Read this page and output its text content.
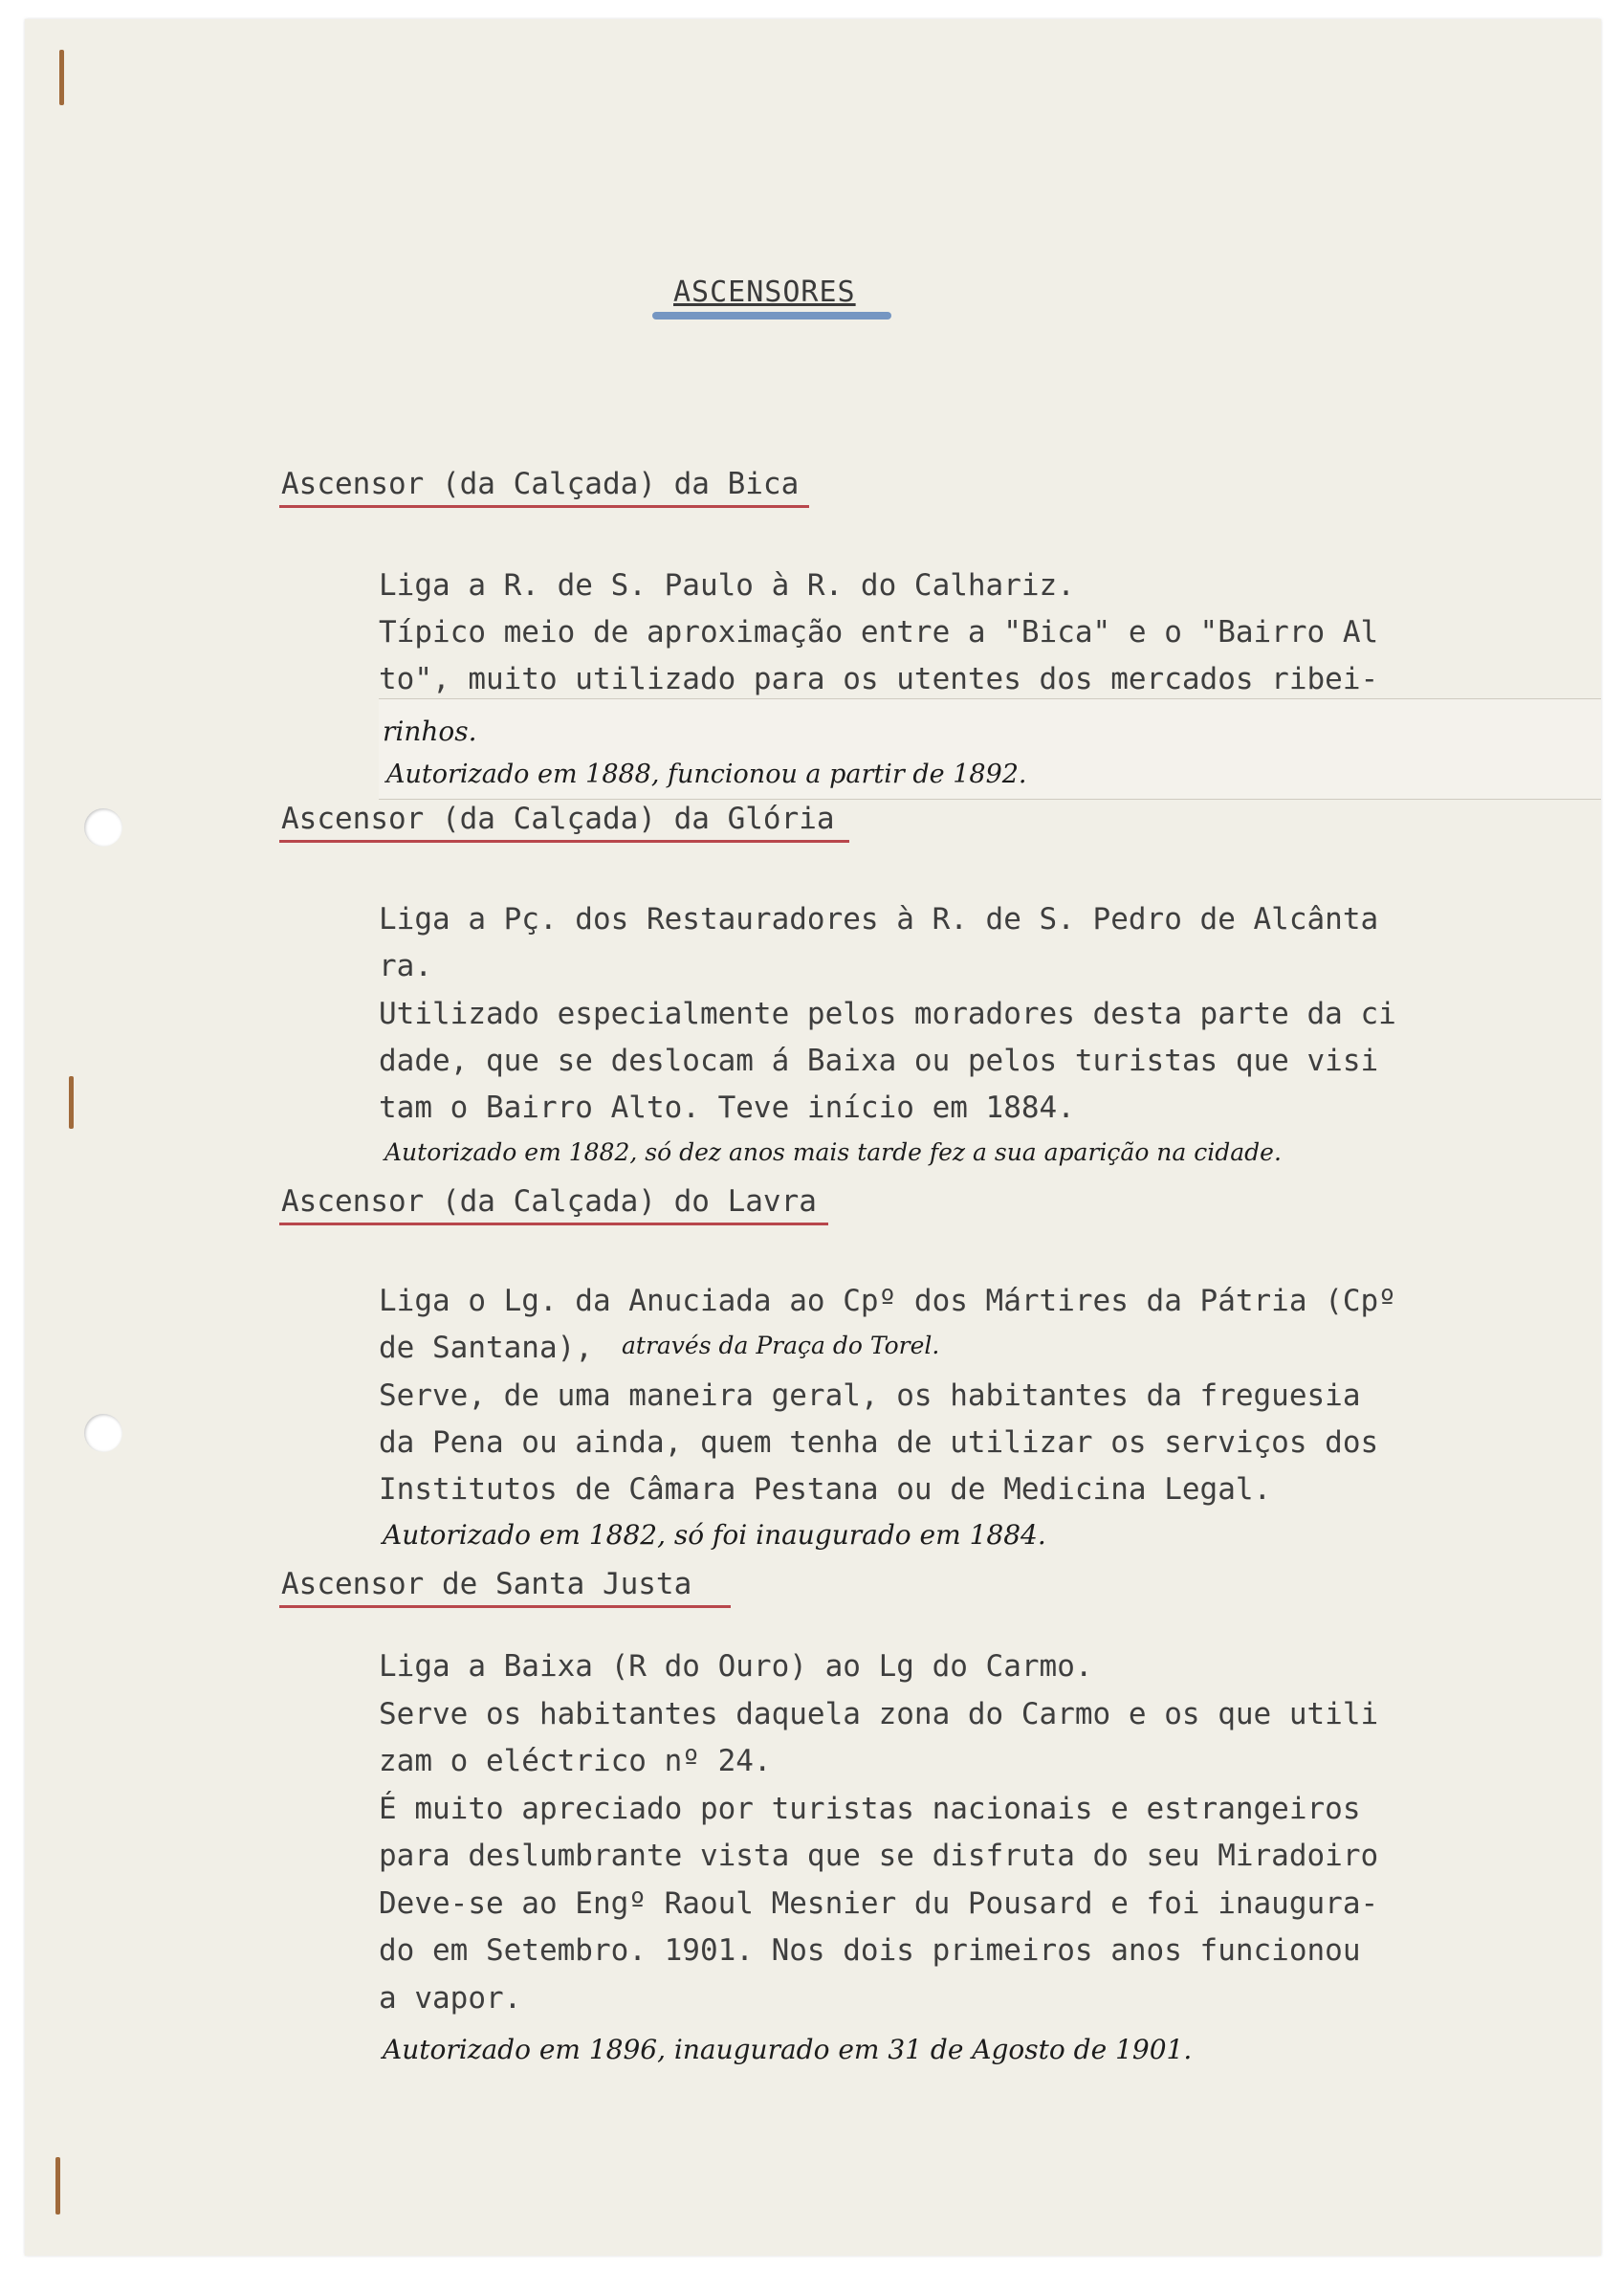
ASCENSORES
Ascensor (da Calçada) da Bica
Liga a R. de S. Paulo à R. do Calhariz.
Típico meio de aproximação entre a "Bica" e o "Bairro Al
to", muito utilizado para os utentes dos mercados ribei-
rinhos.
Autorizado em 1888, funcionou a partir de 1892.
Ascensor (da Calçada) da Glória
Liga a Pç. dos Restauradores à R. de S. Pedro de Alcânta
ra.
Utilizado especialmente pelos moradores desta parte da ci
dade, que se deslocam á Baixa ou pelos turistas que visi
tam o Bairro Alto. Teve início em 1884.
Autorizado em 1882, só dez anos mais tarde fez a sua aparição na cidade.
Ascensor (da Calçada) do Lavra
Liga o Lg. da Anuciada ao Cpº dos Mártires da Pátria (Cpº
de Santana),	através da Praça do Torel.
Serve, de uma maneira geral, os habitantes da freguesia
da Pena ou ainda, quem tenha de utilizar os serviços dos
Institutos de Câmara Pestana ou de Medicina Legal.
Autorizado em 1882, só foi inaugurado em 1884.
Ascensor de Santa Justa
Liga a Baixa (R do Ouro) ao Lg do Carmo.
Serve os habitantes daquela zona do Carmo e os que utili
zam o eléctrico nº 24.
É muito apreciado por turistas nacionais e estrangeiros
para deslumbrante vista que se disfruta do seu Miradoiro
Deve-se ao Engº Raoul Mesnier du Pousard e foi inaugura-
do em Setembro. 1901. Nos dois primeiros anos funcionou
a vapor.
Autorizado em 1896, inaugurado em 31 de Agosto de 1901.
